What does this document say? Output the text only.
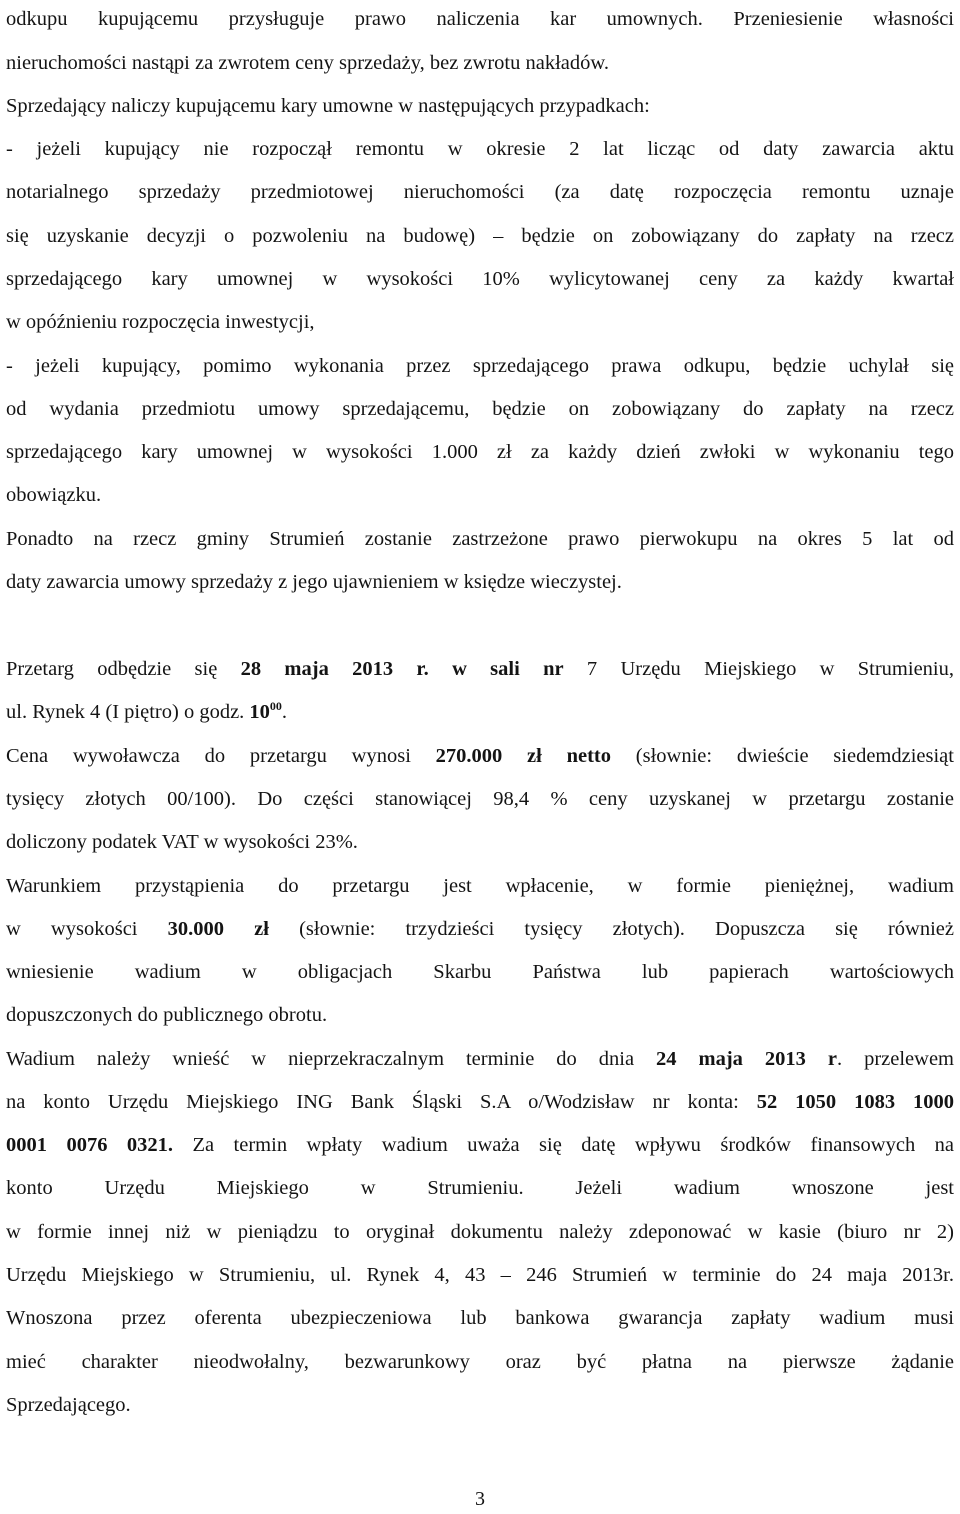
odkupu kupującemu przysługuje prawo naliczenia kar umownych. Przeniesienie własności
nieruchomości nastąpi za zwrotem ceny sprzedaży, bez zwrotu nakładów.
Sprzedający naliczy kupującemu kary umowne w następujących przypadkach:
- jeżeli kupujący nie rozpoczął remontu w okresie 2 lat licząc od daty zawarcia aktu
notarialnego sprzedaży przedmiotowej nieruchomości (za datę rozpoczęcia remontu uznaje
się uzyskanie decyzji o pozwoleniu na budowę) – będzie on zobowiązany do zapłaty na rzecz
sprzedającego kary umownej w wysokości 10% wylicytowanej ceny za każdy kwartał
w opóźnieniu rozpoczęcia inwestycji,
- jeżeli kupujący, pomimo wykonania przez sprzedającego prawa odkupu, będzie uchylał się
od wydania przedmiotu umowy sprzedającemu, będzie on zobowiązany do zapłaty na rzecz
sprzedającego kary umownej w wysokości 1.000 zł za każdy dzień zwłoki w wykonaniu tego
obowiązku.
Ponadto na rzecz gminy Strumień zostanie zastrzeżone prawo pierwokupu na okres 5 lat od
daty zawarcia umowy sprzedaży z jego ujawnieniem w księdze wieczystej.
Przetarg odbędzie się 28 maja 2013 r. w sali nr 7 Urzędu Miejskiego w Strumieniu,
ul. Rynek 4 (I piętro) o godz. $10^{00}$.
Cena wywoławcza do przetargu wynosi 270.000 zł netto (słownie: dwieście siedemdziesiąt
tysięcy złotych 00/100). Do części stanowiącej 98,4 % ceny uzyskanej w przetargu zostanie
doliczony podatek VAT w wysokości 23%.
Warunkiem przystąpienia do przetargu jest wpłacenie, w formie pieniężnej, wadium
w wysokości 30.000 zł (słownie: trzydzieści tysięcy złotych). Dopuszcza się również
wniesienie wadium w obligacjach Skarbu Państwa lub papierach wartościowych
dopuszczonych do publicznego obrotu.
Wadium należy wnieść w nieprzekraczalnym terminie do dnia 24 maja 2013 r. przelewem
na konto Urzędu Miejskiego ING Bank Śląski S.A o/Wodzisław nr konta: 52 1050 1083 1000
0001 0076 0321. Za termin wpłaty wadium uważa się datę wpływu środków finansowych na
konto Urzędu Miejskiego w Strumieniu. Jeżeli wadium wnoszone jest
w formie innej niż w pieniądzu to oryginał dokumentu należy zdeponować w kasie (biuro nr 2)
Urzędu Miejskiego w Strumieniu, ul. Rynek 4, 43 – 246 Strumień w terminie do 24 maja 2013r.
Wnoszona przez oferenta ubezpieczeniowa lub bankowa gwarancja zapłaty wadium musi
mieć charakter nieodwołalny, bezwarunkowy oraz być płatna na pierwsze żądanie
Sprzedającego.
3
